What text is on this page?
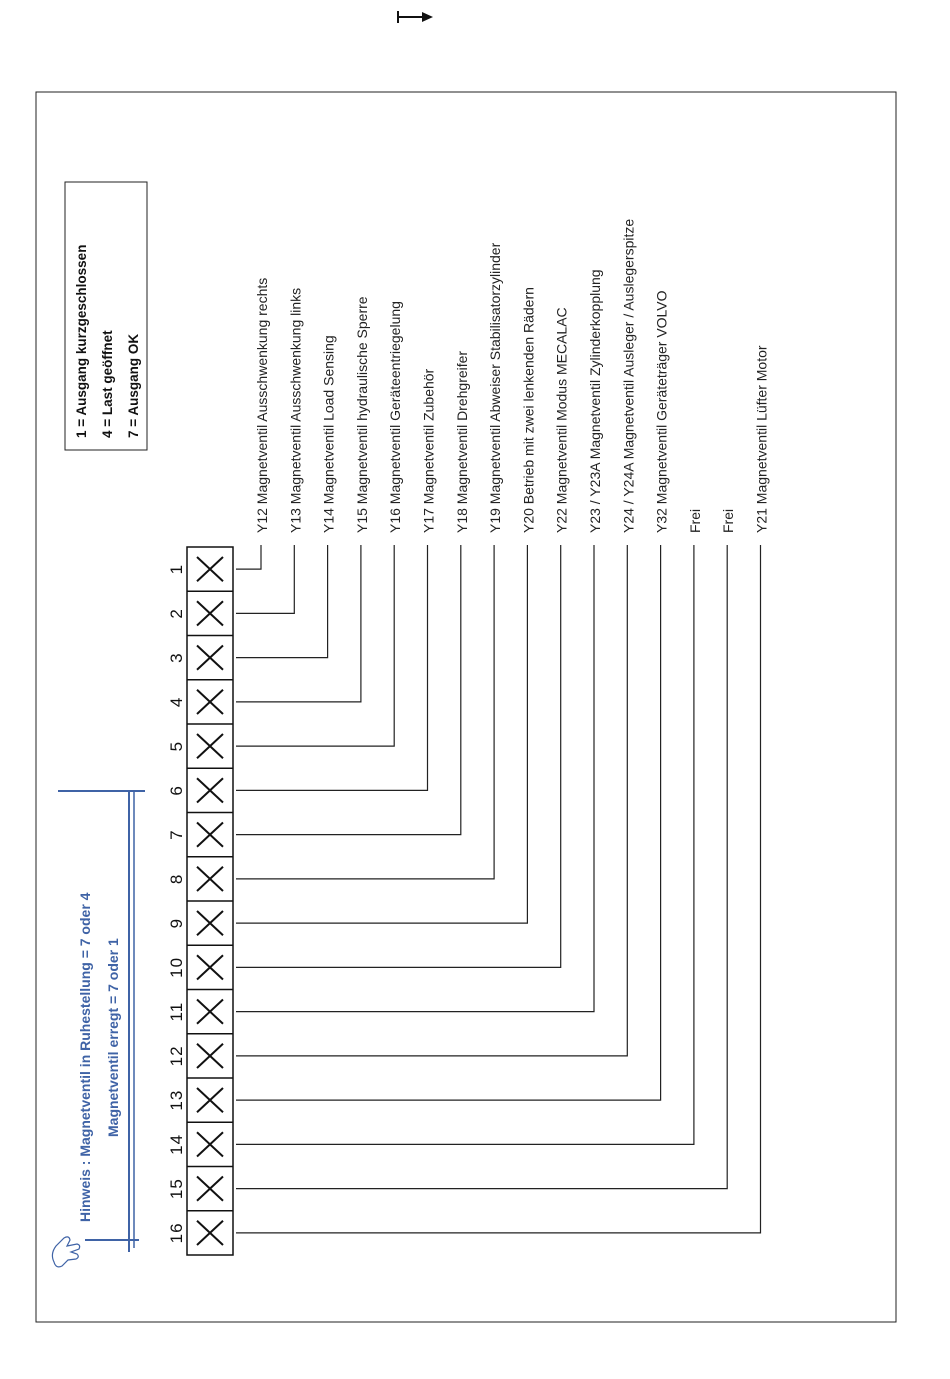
1 = Ausgang kurzgeschlossen 4 = Last geöffnet 7 = Ausgang OK
Hinweis : Magnetventil in Ruhestellung = 7 oder 4 Magnetventil erregt = 7 oder 1
1
Y12 Magnetventil Ausschwenkung rechts
2
Y13 Magnetventil Ausschwenkung links
3
Y14 Magnetventil Load Sensing
4
Y15 Magnetventil hydraulische Sperre
5
Y16 Magnetventil Geräteentriegelung
6
Y17 Magnetventil Zubehör
7
Y18 Magnetventil Drehgreifer
8
Y19 Magnetventil Abweiser Stabilisatorzylinder
9
Y20 Betrieb mit zwei lenkenden Rädern
10
Y22 Magnetventil Modus MECALAC
11
Y23 / Y23A Magnetventil Zylinderkopplung
12
Y24 / Y24A Magnetventil Ausleger / Auslegerspitze
13
Y32 Magnetventil Geräteträger VOLVO
14
Frei
15
Frei
16
Y21 Magnetventil Lüfter Motor
